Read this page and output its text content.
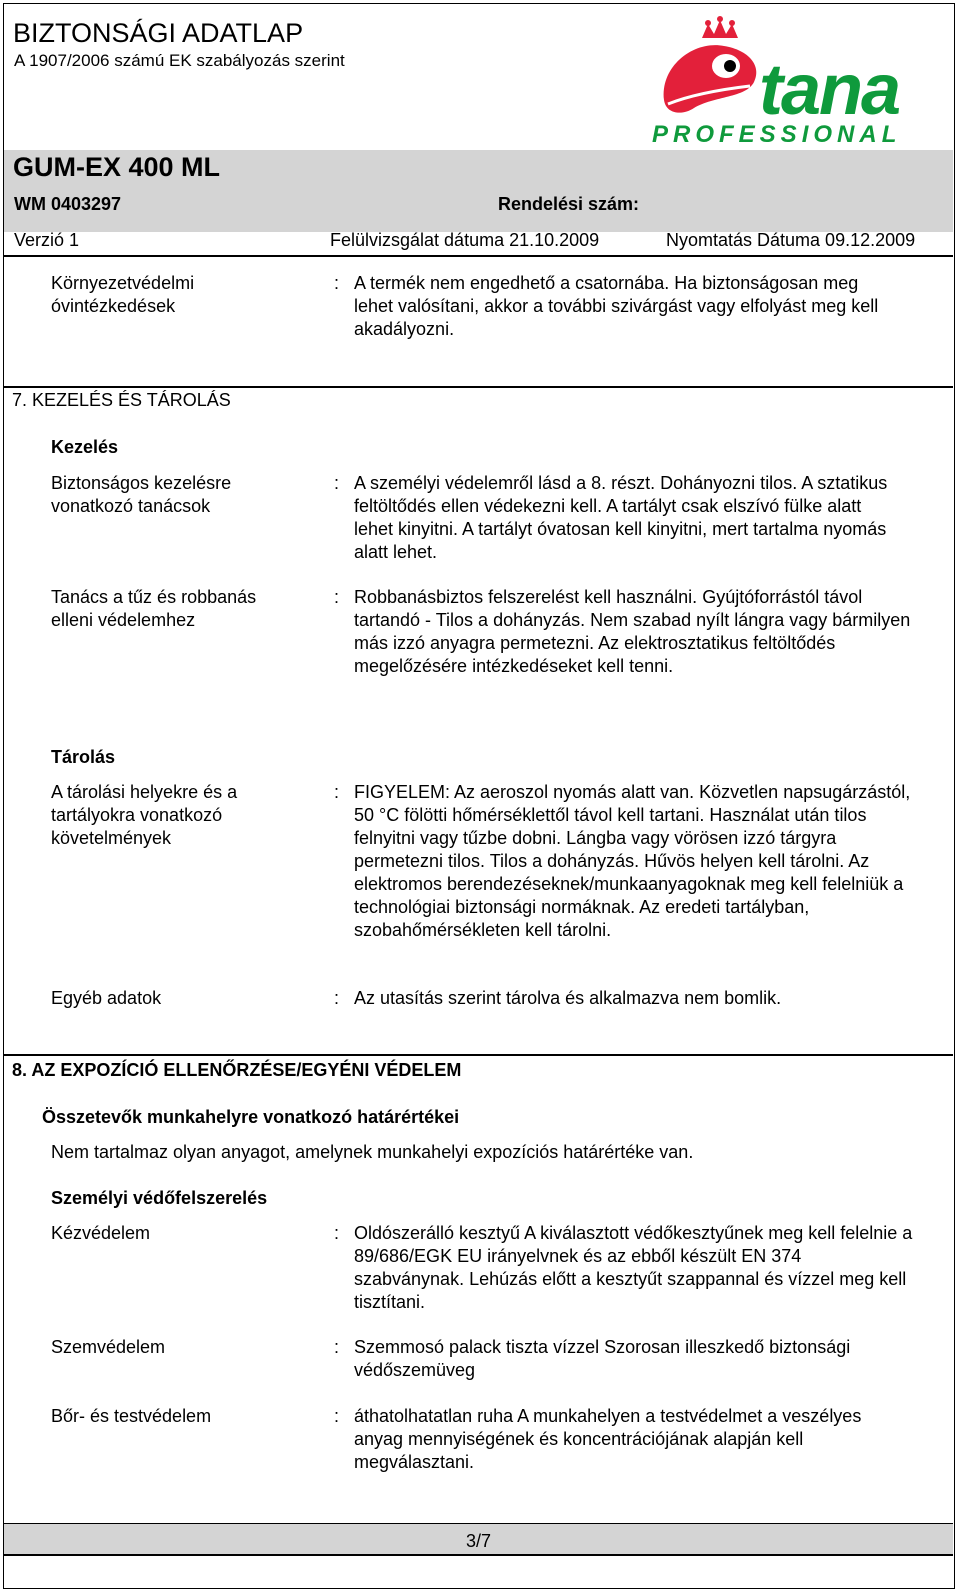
BIZTONSÁGI ADATLAP
A 1907/2006 számú EK szabályozás szerint	tana
PROFESSIONAL
GUM-EX 400 ML
WM 0403297	Rendelési szám:
Verzió 1	Felülvizsgálat dátuma 21.10.2009	Nyomtatás Dátuma 09.12.2009
Környezetvédelmi óvintézkedések
: A termék nem engedhető a csatornába. Ha biztonságosan meg lehet valósítani, akkor a további szivárgást vagy elfolyást meg kell akadályozni.
7. KEZELÉS ÉS TÁROLÁS
Kezelés
Biztonságos kezelésre vonatkozó tanácsok
: A személyi védelemről lásd a 8. részt. Dohányozni tilos. A sztatikus feltöltődés ellen védekezni kell. A tartályt csak elszívó fülke alatt lehet kinyitni. A tartályt óvatosan kell kinyitni, mert tartalma nyomás alatt lehet.
Tanács a tűz és robbanás elleni védelemhez
: Robbanásbiztos felszerelést kell használni. Gyújtóforrástól távol tartandó - Tilos a dohányzás. Nem szabad nyílt lángra vagy bármilyen más izzó anyagra permetezni. Az elektrosztatikus feltöltődés megelőzésére intézkedéseket kell tenni.
Tárolás
A tárolási helyekre és a tartályokra vonatkozó követelmények
: FIGYELEM: Az aeroszol nyomás alatt van. Közvetlen napsugárzástól, 50 °C fölötti hőmérséklettől távol kell tartani. Használat után tilos felnyitni vagy tűzbe dobni. Lángba vagy vörösen izzó tárgyra permetezni tilos. Tilos a dohányzás. Hűvös helyen kell tárolni. Az elektromos berendezéseknek/munkaanyagoknak meg kell felelniük a technológiai biztonsági normáknak. Az eredeti tartályban, szobahőmérsékleten kell tárolni.
Egyéb adatok	: Az utasítás szerint tárolva és alkalmazva nem bomlik.
8. AZ EXPOZÍCIÓ ELLENŐRZÉSE/EGYÉNI VÉDELEM
Összetevők munkahelyre vonatkozó határértékei
Nem tartalmaz olyan anyagot, amelynek munkahelyi expozíciós határértéke van.
Személyi védőfelszerelés
Kézvédelem	: Oldószerálló kesztyű A kiválasztott védőkesztyűnek meg kell felelnie a 89/686/EGK EU irányelvnek és az ebből készült EN 374 szabványnak. Lehúzás előtt a kesztyűt szappannal és vízzel meg kell tisztítani.
Szemvédelem	: Szemmosó palack tiszta vízzel Szorosan illeszkedő biztonsági védőszemüveg
Bőr- és testvédelem	: áthatolhatatlan ruha A munkahelyen a testvédelmet a veszélyes anyag mennyiségének és koncentrációjának alapján kell megválasztani.
3/7
